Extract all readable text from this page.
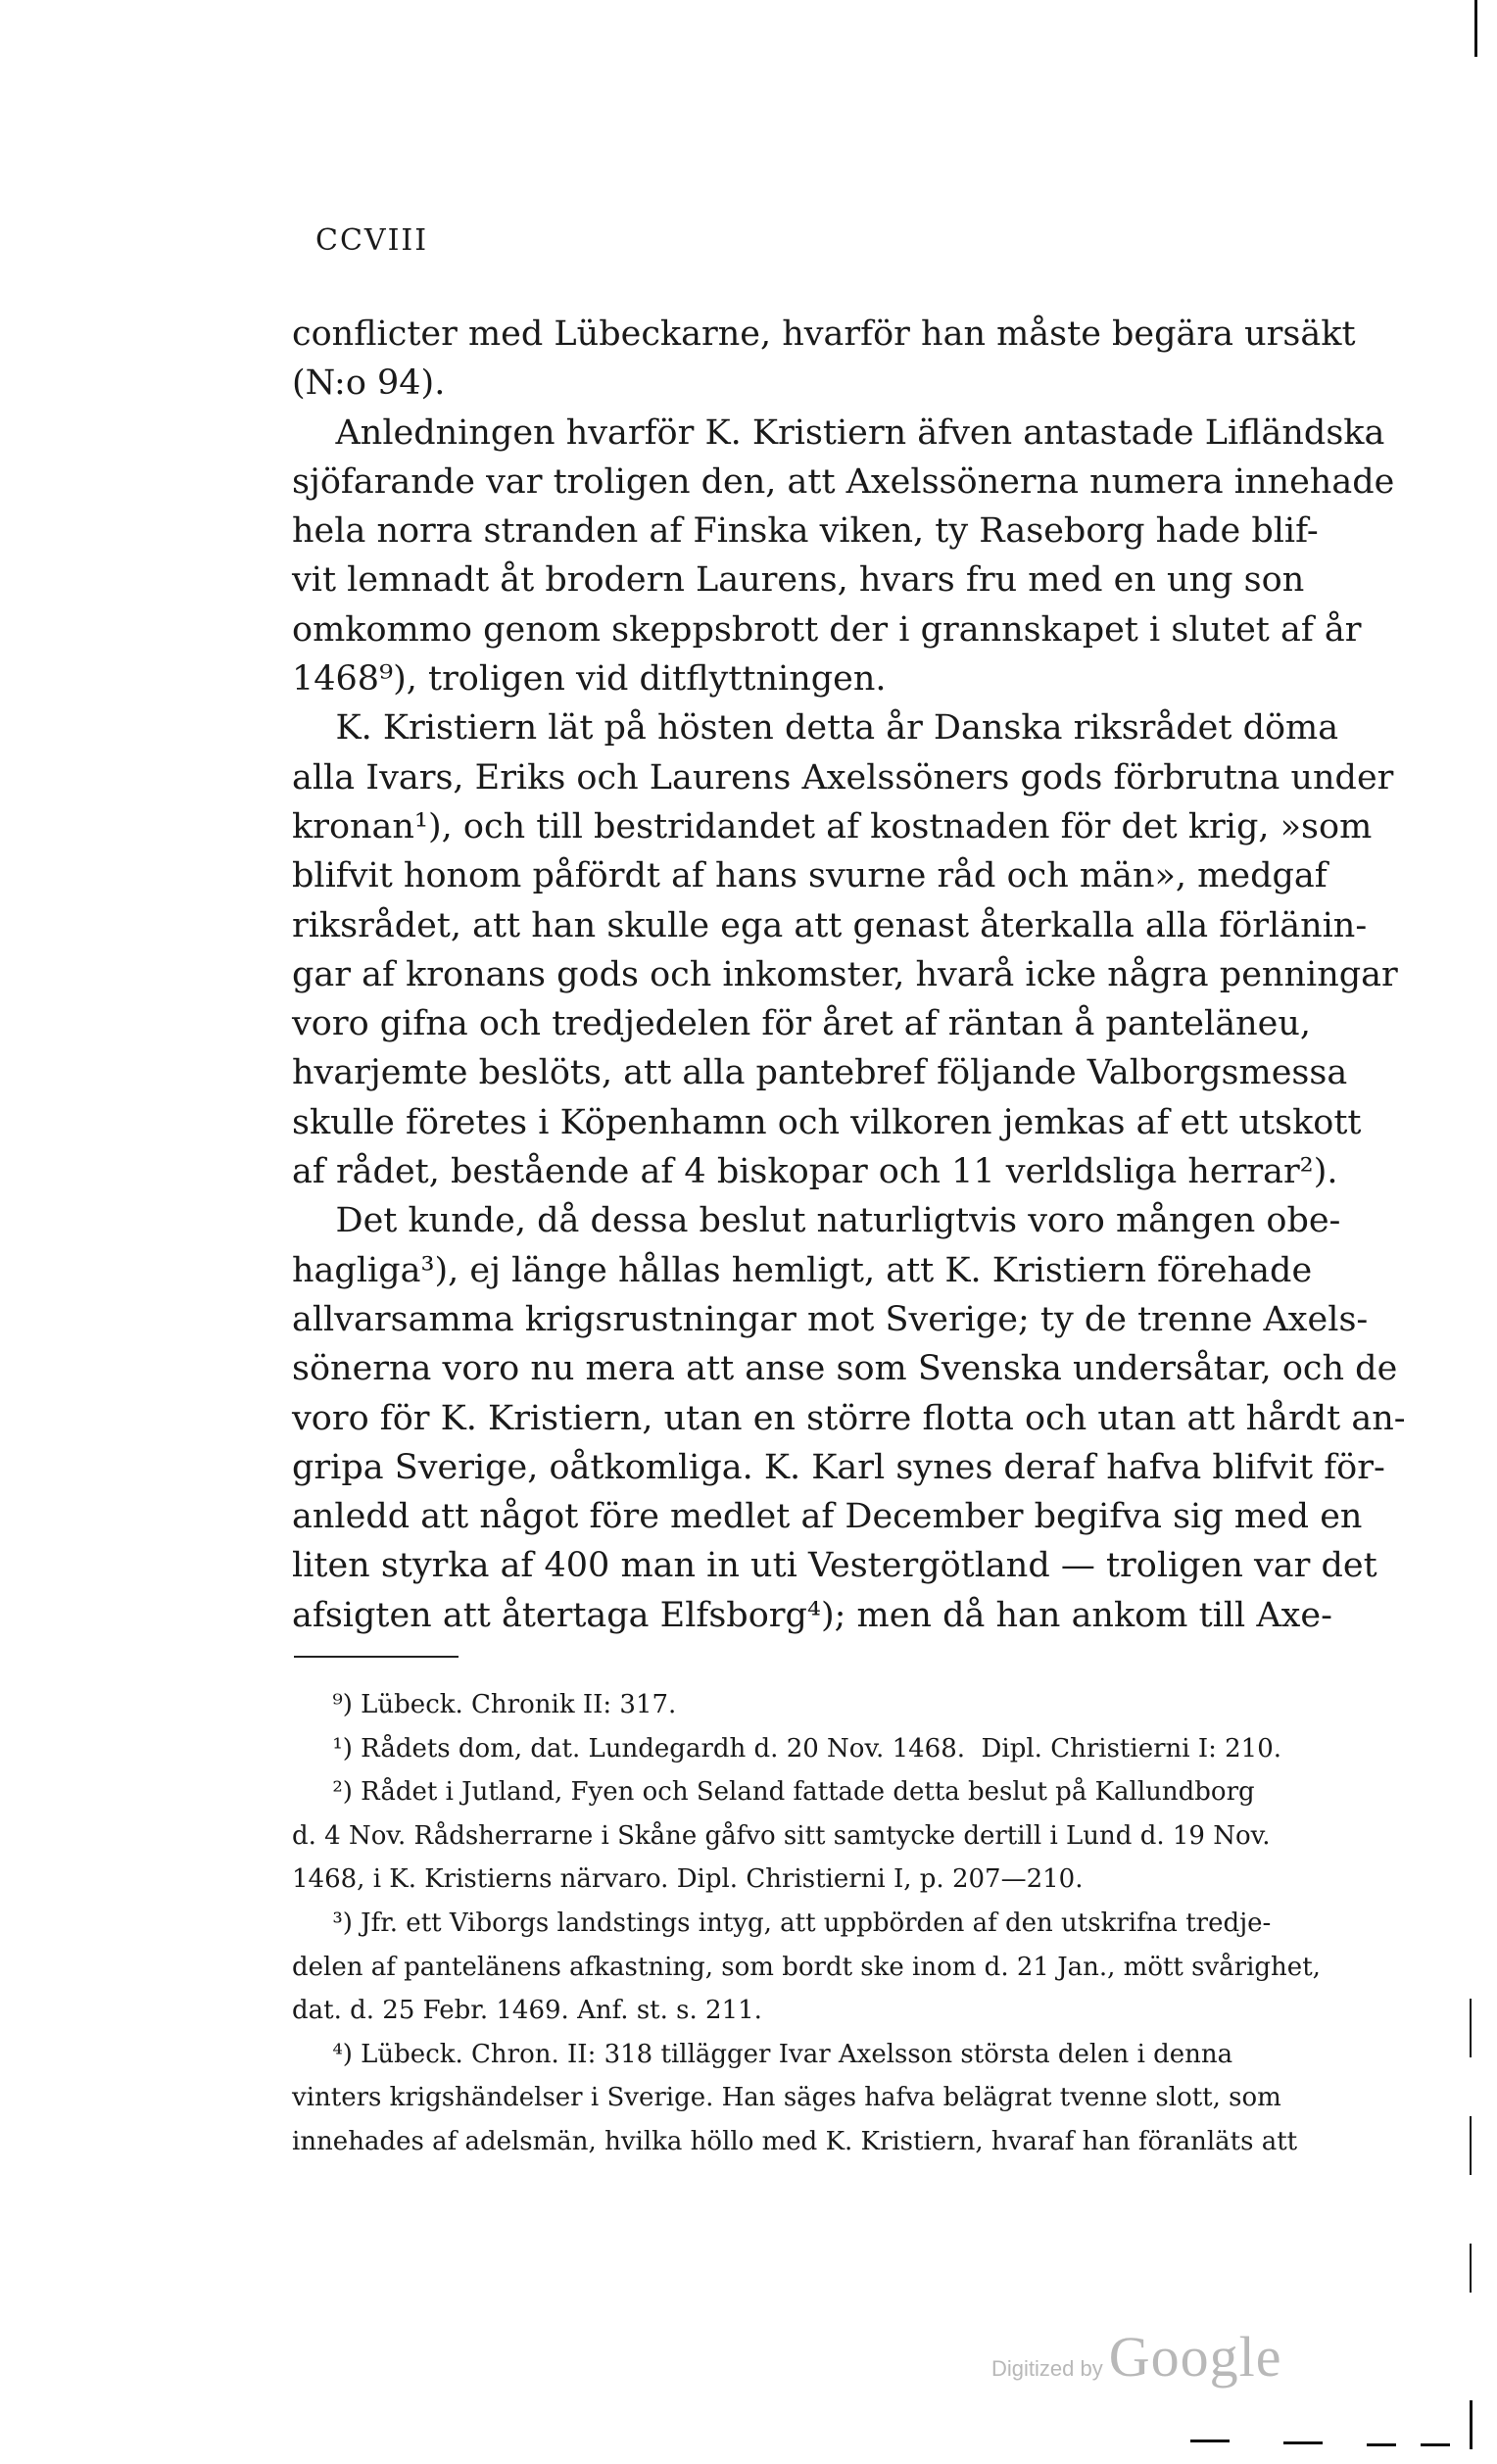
CCVIII
conflicter med Lübeckarne, hvarför han måste begära ursäkt
(N:o 94).
Anledningen hvarför K. Kristiern äfven antastade Lifländska
sjöfarande var troligen den, att Axelssönerna numera innehade
hela norra stranden af Finska viken, ty Raseborg hade blif-
vit lemnadt åt brodern Laurens, hvars fru med en ung son
omkommo genom skeppsbrott der i grannskapet i slutet af år
1468⁹), troligen vid ditflyttningen.
K. Kristiern lät på hösten detta år Danska riksrådet döma
alla Ivars, Eriks och Laurens Axelssöners gods förbrutna under
kronan¹), och till bestridandet af kostnaden för det krig, »som
blifvit honom påfördt af hans svurne råd och män», medgaf
riksrådet, att han skulle ega att genast återkalla alla förlänin-
gar af kronans gods och inkomster, hvarå icke några penningar
voro gifna och tredjedelen för året af räntan å panteläneu,
hvarjemte beslöts, att alla pantebref följande Valborgsmessa
skulle företes i Köpenhamn och vilkoren jemkas af ett utskott
af rådet, bestående af 4 biskopar och 11 verldsliga herrar²).
Det kunde, då dessa beslut naturligtvis voro mången obe-
hagliga³), ej länge hållas hemligt, att K. Kristiern förehade
allvarsamma krigsrustningar mot Sverige; ty de trenne Axels-
sönerna voro nu mera att anse som Svenska undersåtar, och de
voro för K. Kristiern, utan en större flotta och utan att hårdt an-
gripa Sverige, oåtkomliga. K. Karl synes deraf hafva blifvit för-
anledd att något före medlet af December begifva sig med en
liten styrka af 400 man in uti Vestergötland — troligen var det
afsigten att återtaga Elfsborg⁴); men då han ankom till Axe-
⁹) Lübeck. Chronik II: 317.
¹) Rådets dom, dat. Lundegardh d. 20 Nov. 1468.  Dipl. Christierni I: 210.
²) Rådet i Jutland, Fyen och Seland fattade detta beslut på Kallundborg
d. 4 Nov. Rådsherrarne i Skåne gåfvo sitt samtycke dertill i Lund d. 19 Nov.
1468, i K. Kristierns närvaro. Dipl. Christierni I, p. 207—210.
³) Jfr. ett Viborgs landstings intyg, att uppbörden af den utskrifna tredje-
delen af pantelänens afkastning, som bordt ske inom d. 21 Jan., mött svårighet,
dat. d. 25 Febr. 1469. Anf. st. s. 211.
⁴) Lübeck. Chron. II: 318 tillägger Ivar Axelsson största delen i denna
vinters krigshändelser i Sverige. Han säges hafva belägrat tvenne slott, som
innehades af adelsmän, hvilka höllo med K. Kristiern, hvaraf han föranläts att
Digitized by Google
